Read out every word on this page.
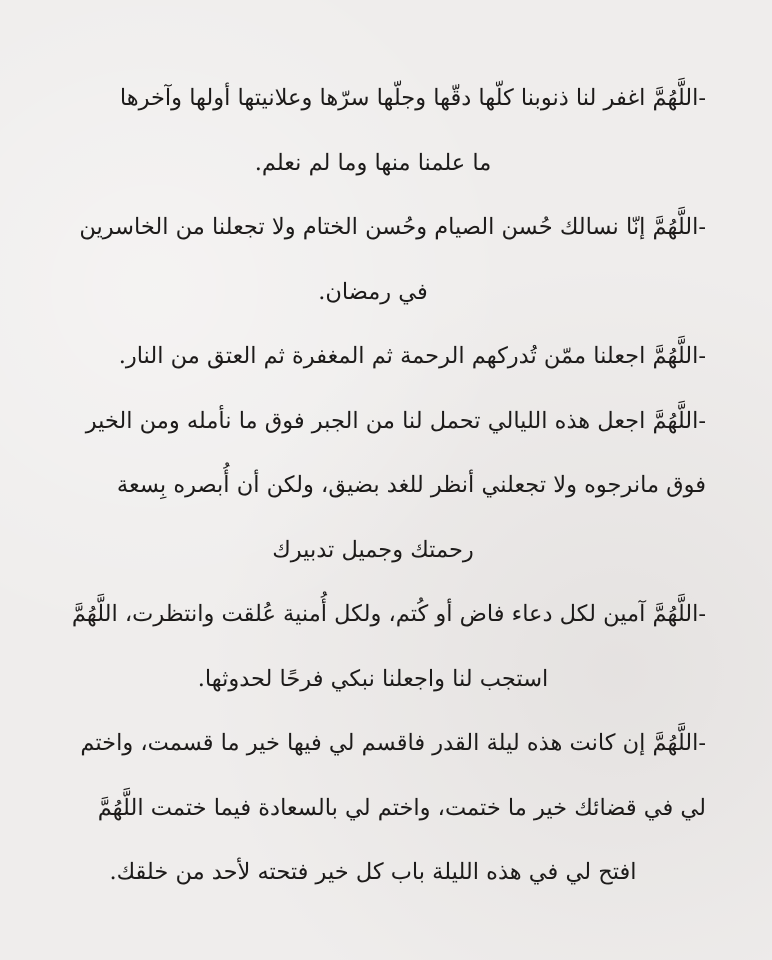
-اللَّهُمَّ اغفر لنا ذنوبنا كلّها دقّها وجلّها سرّها وعلانيتها أولها وآخرها
ما علمنا منها وما لم نعلم.
-اللَّهُمَّ إنّا نسالك حُسن الصيام وحُسن الختام ولا تجعلنا من الخاسرين
في رمضان.
-اللَّهُمَّ اجعلنا ممّن تُدركهم الرحمة ثم المغفرة ثم العتق من النار.
-اللَّهُمَّ اجعل هذه الليالي تحمل لنا من الجبر فوق ما نأمله ومن الخير
فوق مانرجوه ولا تجعلني أنظر للغد بضيق، ولكن أن أُبصره بِسعة
رحمتك وجميل تدبيرك
-اللَّهُمَّ آمين لكل دعاء فاض أو كُتم، ولكل أُمنية عُلقت وانتظرت، اللَّهُمَّ
استجب لنا واجعلنا نبكي فرحًا لحدوثها.
-اللَّهُمَّ إن كانت هذه ليلة القدر فاقسم لي فيها خير ما قسمت، واختم
لي في قضائك خير ما ختمت، واختم لي بالسعادة فيما ختمت اللَّهُمَّ
افتح لي في هذه الليلة باب كل خير فتحته لأحد من خلقك.
